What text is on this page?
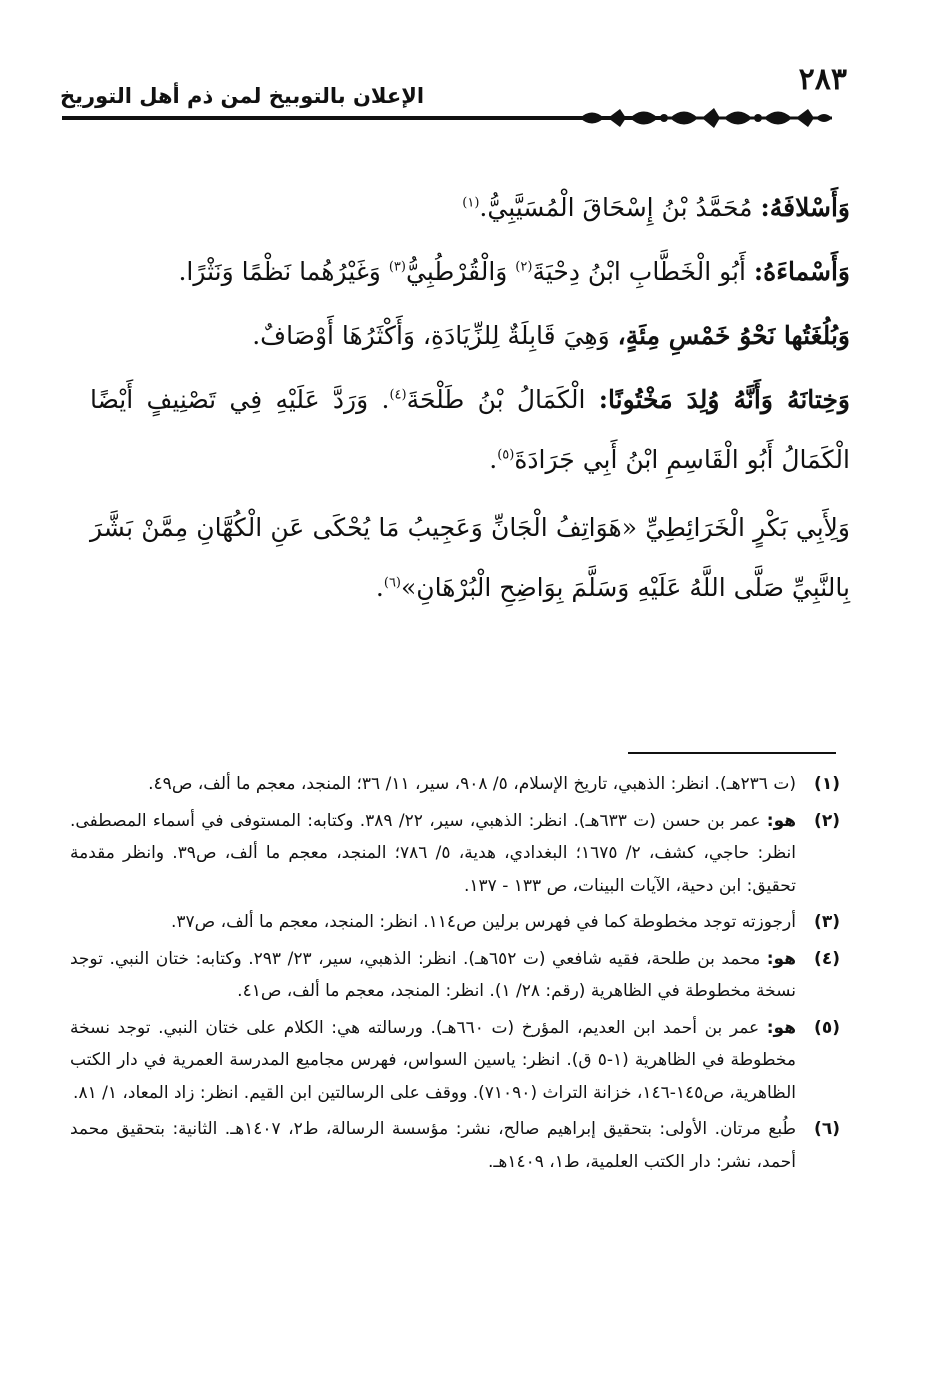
٢٨٣
الإعلان بالتوبيخ لمن ذم أهل التوريخ

وَأَسْلافَهُ: مُحَمَّدُ بْنُ إِسْحَاقَ الْمُسَيَّبِيُّ.$^{(١)}$

وَأَسْماءَهُ: أَبُو الْخَطَّابِ ابْنُ دِحْيَةَ$^{(٢)}$ وَالْقُرْطُبِيُّ$^{(٣)}$ وَغَيْرُهُما نَظْمًا وَنَثْرًا.

وَبُلُغَتُها نَحْوُ خَمْسِ مِئَةٍ، وَهِيَ قَابِلَةٌ لِلزِّيَادَةِ، وَأَكْثَرُهَا أَوْصَافٌ.

وَخِتانَهُ وَأَنَّهُ وُلِدَ مَخْتُونًا: الْكَمَالُ بْنُ طَلْحَةَ$^{(٤)}$. وَرَدَّ عَلَيْهِ فِي تَصْنِيفٍ أَيْضًا الْكَمَالُ أَبُو الْقَاسِمِ ابْنُ أَبِي جَرَادَةَ$^{(٥)}$.

وَلِأَبِي بَكْرٍ الْخَرَائِطِيِّ «هَوَاتِفُ الْجَانِّ وَعَجِيبُ مَا يُحْكَى عَنِ الْكُهَّانِ مِمَّنْ بَشَّرَ بِالنَّبِيِّ صَلَّى اللَّهُ عَلَيْهِ وَسَلَّمَ بِوَاضِحِ الْبُرْهَانِ»$^{(٦)}$.

(١)
(ت ٢٣٦هـ). انظر: الذهبي، تاريخ الإسلام، ٥/ ٩٠٨، سير، ١١/ ٣٦؛ المنجد، معجم ما ألف، ص٤٩.
(٢)
هو: عمر بن حسن (ت ٦٣٣هـ). انظر: الذهبي، سير، ٢٢/ ٣٨٩. وكتابه: المستوفى في أسماء المصطفى. انظر: حاجي، كشف، ٢/ ١٦٧٥؛ البغدادي، هدية، ٥/ ٧٨٦؛ المنجد، معجم ما ألف، ص٣٩. وانظر مقدمة تحقيق: ابن دحية، الآيات البينات، ص ١٣٣ - ١٣٧.
(٣)
أرجوزته توجد مخطوطة كما في فهرس برلين ص١١٤. انظر: المنجد، معجم ما ألف، ص٣٧.
(٤)
هو: محمد بن طلحة، فقيه شافعي (ت ٦٥٢هـ). انظر: الذهبي، سير، ٢٣/ ٢٩٣. وكتابه: ختان النبي. توجد نسخة مخطوطة في الظاهرية (رقم: ٢٨/ ١). انظر: المنجد، معجم ما ألف، ص٤١.
(٥)
هو: عمر بن أحمد ابن العديم، المؤرخ (ت ٦٦٠هـ). ورسالته هي: الكلام على ختان النبي. توجد نسخة مخطوطة في الظاهرية (١-٥ ق). انظر: ياسين السواس، فهرس مجاميع المدرسة العمرية في دار الكتب الظاهرية، ص١٤٥-١٤٦، خزانة التراث (٧١٠٩٠). ووقف على الرسالتين ابن القيم. انظر: زاد المعاد، ١/ ٨١.
(٦)
طُبع مرتان. الأولى: بتحقيق إبراهيم صالح، نشر: مؤسسة الرسالة، ط٢، ١٤٠٧هـ. الثانية: بتحقيق محمد أحمد، نشر: دار الكتب العلمية، ط١، ١٤٠٩هـ.
